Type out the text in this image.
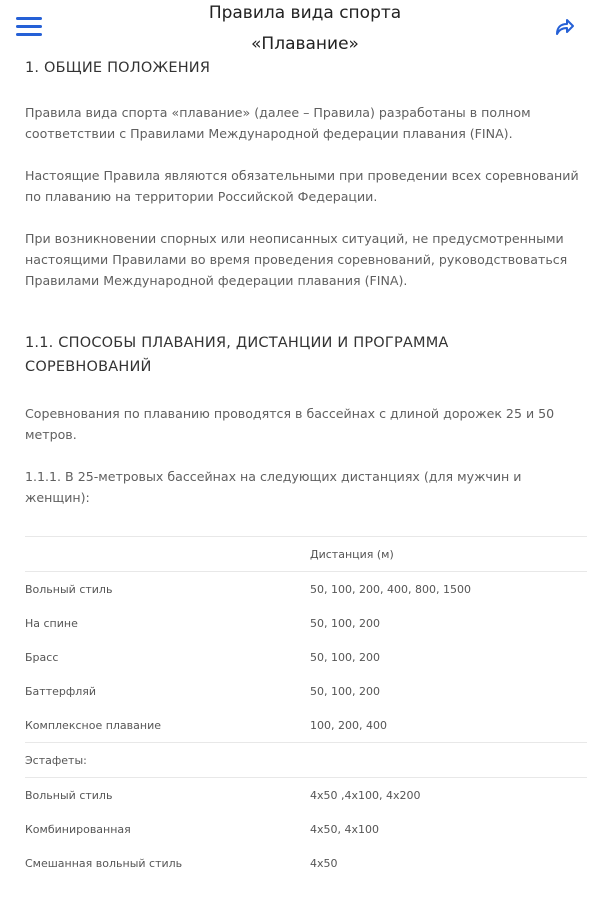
Правила вида спорта
«Плавание»
1. ОБЩИЕ ПОЛОЖЕНИЯ

Правила вида спорта «плавание» (далее – Правила) разработаны в полном

соответствии с Правилами Международной федерации плавания (FINA).

Настоящие Правила являются обязательными при проведении всех соревнований

по плаванию на территории Российской Федерации.

При возникновении спорных или неописанных ситуаций, не предусмотренными

настоящими Правилами во время проведения соревнований, руководствоваться

Правилами Международной федерации плавания (FINA).

1.1. СПОСОБЫ ПЛАВАНИЯ, ДИСТАНЦИИ И ПРОГРАММА
СОРЕВНОВАНИЙ

Соревнования по плаванию проводятся в бассейнах с длиной дорожек 25 и 50

метров.

1.1.1. В 25-метровых бассейнах на следующих дистанциях (для мужчин и

женщин):

Дистанция (м)
Вольный стиль	50, 100, 200, 400, 800, 1500
На спине	50, 100, 200
Брасс	50, 100, 200
Баттерфляй	50, 100, 200
Комплексное плавание	100, 200, 400
Эстафеты:
Вольный стиль	4x50 ,4x100, 4x200
Комбинированная	4x50, 4x100
Смешанная вольный стиль	4x50
